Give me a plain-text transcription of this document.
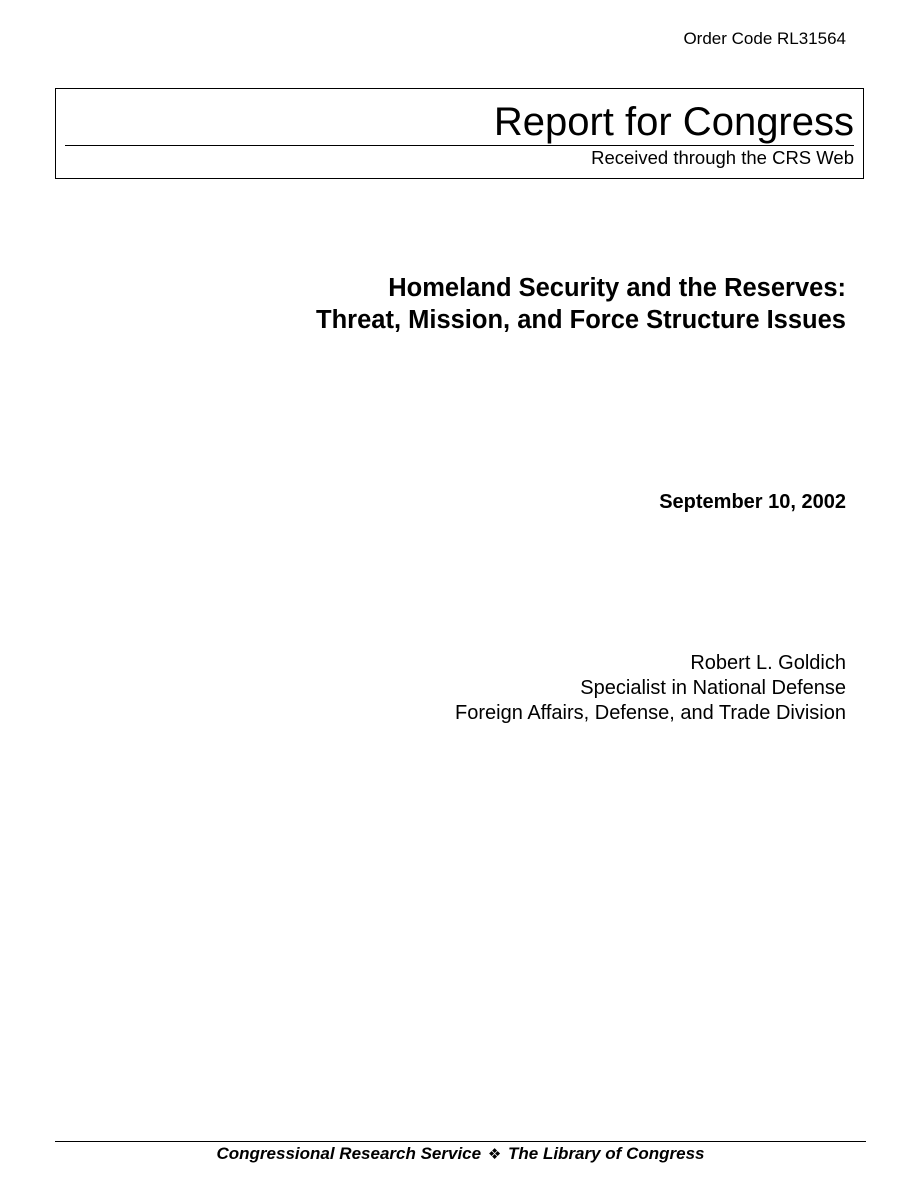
Order Code RL31564
Report for Congress
Received through the CRS Web
Homeland Security and the Reserves:
Threat, Mission, and Force Structure Issues
September 10, 2002
Robert L. Goldich
Specialist in National Defense
Foreign Affairs, Defense, and Trade Division
Congressional Research Service ❖ The Library of Congress
